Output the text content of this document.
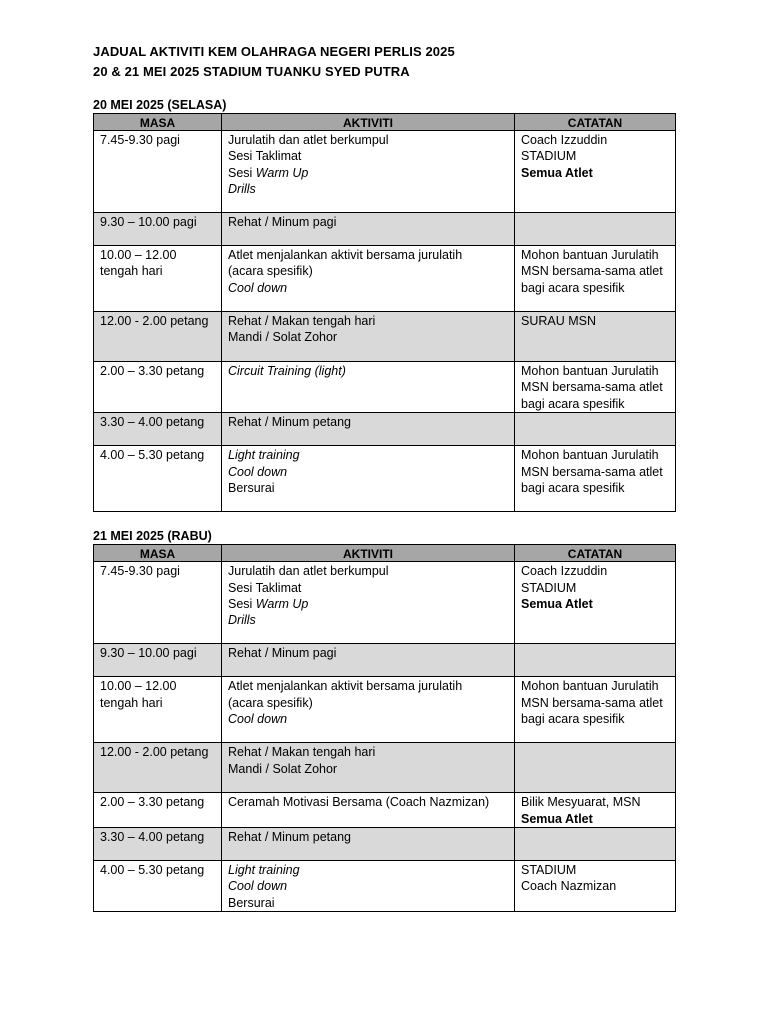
JADUAL AKTIVITI KEM OLAHRAGA NEGERI PERLIS 2025
20 & 21 MEI 2025 STADIUM TUANKU SYED PUTRA
20 MEI 2025 (SELASA)
MASA	AKTIVITI	CATATAN

7.45-9.30 pagi	Jurulatih dan atlet berkumpul
Sesi Taklimat
Sesi Warm Up
Drills	Coach Izzuddin
STADIUM
Semua Atlet

9.30 – 10.00 pagi	Rehat / Minum pagi	

10.00 – 12.00
tengah hari	Atlet menjalankan aktivit bersama jurulatih
(acara spesifik)
Cool down	Mohon bantuan Jurulatih
MSN bersama-sama atlet
bagi acara spesifik

12.00 - 2.00 petang	Rehat / Makan tengah hari
Mandi / Solat Zohor	SURAU MSN

2.00 – 3.30 petang	Circuit Training (light)	Mohon bantuan Jurulatih
MSN bersama-sama atlet
bagi acara spesifik

3.30 – 4.00 petang	Rehat / Minum petang	

4.00 – 5.30 petang	Light training
Cool down
Bersurai	Mohon bantuan Jurulatih
MSN bersama-sama atlet
bagi acara spesifik
21 MEI 2025 (RABU)
MASA	AKTIVITI	CATATAN

7.45-9.30 pagi	Jurulatih dan atlet berkumpul
Sesi Taklimat
Sesi Warm Up
Drills	Coach Izzuddin
STADIUM
Semua Atlet

9.30 – 10.00 pagi	Rehat / Minum pagi	

10.00 – 12.00
tengah hari	Atlet menjalankan aktivit bersama jurulatih
(acara spesifik)
Cool down	Mohon bantuan Jurulatih
MSN bersama-sama atlet
bagi acara spesifik

12.00 - 2.00 petang	Rehat / Makan tengah hari
Mandi / Solat Zohor	

2.00 – 3.30 petang	Ceramah Motivasi Bersama (Coach Nazmizan)	Bilik Mesyuarat, MSN
Semua Atlet

3.30 – 4.00 petang	Rehat / Minum petang	

4.00 – 5.30 petang	Light training
Cool down
Bersurai	STADIUM
Coach Nazmizan
